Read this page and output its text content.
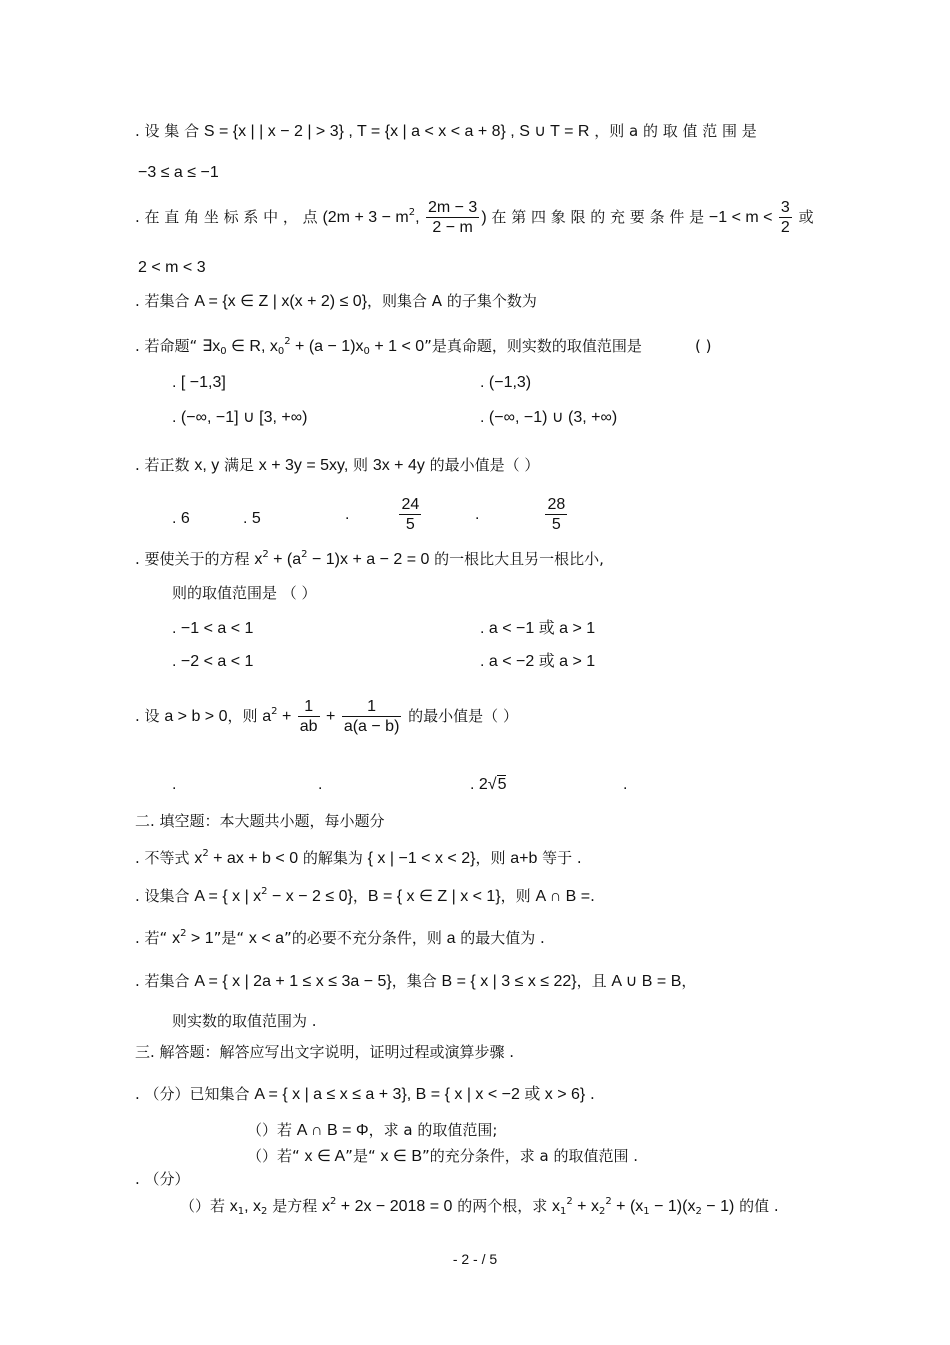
. 设 集 合 S = {x | | x − 2 | > 3} , T = {x | a < x < a + 8} , S ∪ T = R ，则 a 的 取 值 范 围 是
−3 ≤ a ≤ −1
. 在 直 角 坐 标 系 中 ， 点 ($2m + 3 - m^2$, $\frac{2m - 3}{2 - m}$ ) 在 第 四 象 限 的 充 要 条 件 是 $-1 < m < \frac{3}{2}$ 或
2 < m < 3
. 若集合 A = {x ∈ Z | x(x + 2) ≤ 0}，则集合 A 的子集个数为
. 若命题“ $\exists x_0$ ∈ R, $x_0^2 + (a - 1)x_0 + 1 < 0$”是真命题，则实数的取值范围是	( )
. [ −1,3]	. (−1,3)
. (−∞, −1] ∪ [3, +∞)	. (−∞, −1) ∪ (3, +∞)
. 若正数 x, y 满足 x + 3y = 5xy, 则 3x + 4y 的最小值是（ ）
. 6	. 5	.	$\frac{24}{5}$	.	$\frac{28}{5}$
. 要使关于的方程 $x^2 + (a^2 - 1)x + a - 2 = 0$ 的一根比大且另一根比小,
则的取值范围是 （ ）
. −1 < a < 1	. a < −1 或 a > 1
. −2 < a < 1	. a < −2 或 a > 1
. 设 a > b > 0，则 $a^2 + \frac{1}{ab} + \frac{1}{a(a - b)}$ 的最小值是（ ）
.	.	. 2√5	.
二. 填空题：本大题共小题，每小题分
. 不等式 $x^2$ + ax + b < 0 的解集为 { x | −1 < x < 2}，则 a+b 等于 .
. 设集合 A = { x | $x^2 - x - 2 \le 0$}，B = { x ∈ Z | x < 1}，则 A ∩ B =.
. 若“ $x^2 > 1$”是“ x < a”的必要不充分条件，则 a 的最大值为 .
. 若集合 A = { x | 2a + 1 ≤ x ≤ 3a − 5}，集合 B = { x | 3 ≤ x ≤ 22}，且 A ∪ B = B，
则实数的取值范围为 .
三. 解答题：解答应写出文字说明，证明过程或演算步骤 .
. （分）已知集合 A = { x | a ≤ x ≤ a + 3}, B = { x | x < −2 或 x > 6} .
（）若 A ∩ B = Φ，求 a 的取值范围;
（）若“ x ∈ A”是“ x ∈ B”的充分条件，求 a 的取值范围 .
. （分）
（）若 $x_1$, $x_2$ 是方程 $x^2 + 2x - 2018 = 0$ 的两个根，求 $x_1^2 + x_2^2 + (x_1 - 1)(x_2 - 1)$ 的值 .
- 2 - / 5
